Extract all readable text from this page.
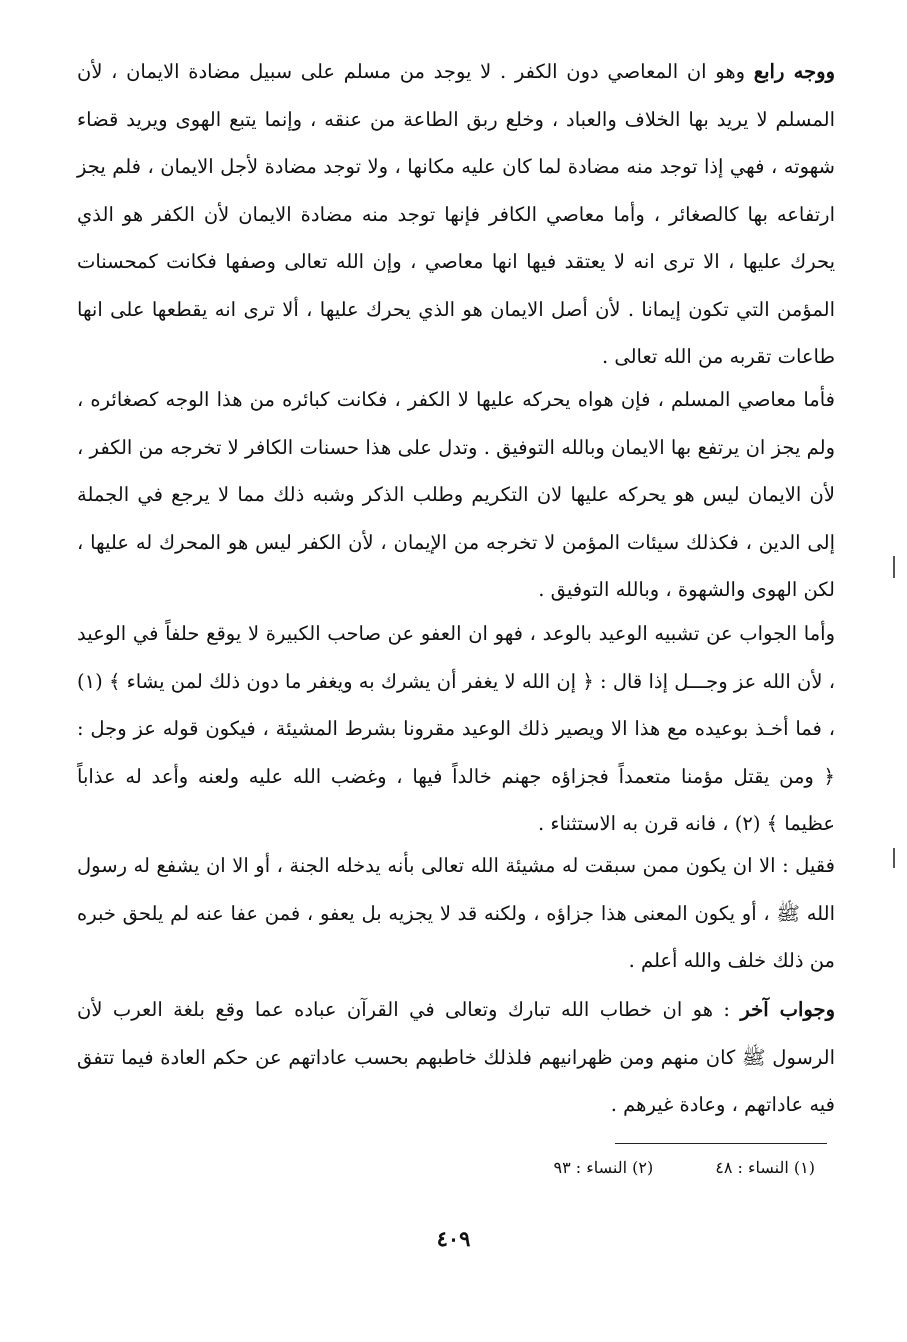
ووجه رابع وهو ان المعاصي دون الكفر . لا يوجد من مسلم على سبيل مضادة الايمان ، لأن المسلم لا يريد بها الخلاف والعباد ، وخلع ربق الطاعة من عنقه ، وإنما يتبع الهوى ويريد قضاء شهوته ، فهي إذا توجد منه مضادة لما كان عليه مكانها ، ولا توجد مضادة لأجل الايمان ، فلم يجز ارتفاعه بها كالصغائر ، وأما معاصي الكافر فإنها توجد منه مضادة الايمان لأن الكفر هو الذي يحرك عليها ، الا ترى انه لا يعتقد فيها انها معاصي ، وإن الله تعالى وصفها فكانت كمحسنات المؤمن التي تكون إيمانا . لأن أصل الايمان هو الذي يحرك عليها ، ألا ترى انه يقطعها على انها طاعات تقربه من الله تعالى .

فأما معاصي المسلم ، فإن هواه يحركه عليها لا الكفر ، فكانت كبائره من هذا الوجه كصغائره ، ولم يجز ان يرتفع بها الايمان وبالله التوفيق . وتدل على هذا حسنات الكافر لا تخرجه من الكفر ، لأن الايمان ليس هو يحركه عليها لان التكريم وطلب الذكر وشبه ذلك مما لا يرجع في الجملة إلى الدين ، فكذلك سيئات المؤمن لا تخرجه من الإيمان ، لأن الكفر ليس هو المحرك له عليها ، لكن الهوى والشهوة ، وبالله التوفيق .

وأما الجواب عن تشبيه الوعيد بالوعد ، فهو ان العفو عن صاحب الكبيرة لا يوقع حلفاً في الوعيد ، لأن الله عز وجـــل إذا قال : ﴿ إن الله لا يغفر أن يشرك به ويغفر ما دون ذلك لمن يشاء ﴾ (١) ، فما أخـذ بوعيده مع هذا الا ويصير ذلك الوعيد مقرونا بشرط المشيئة ، فيكون قوله عز وجل : ﴿ ومن يقتل مؤمنا متعمداً فجزاؤه جهنم خالداً فيها ، وغضب الله عليه ولعنه وأعد له عذاباً عظيما ﴾ (٢) ، فانه قرن به الاستثناء .

فقيل : الا ان يكون ممن سبقت له مشيئة الله تعالى بأنه يدخله الجنة ، أو الا ان يشفع له رسول الله ﷺ ، أو يكون المعنى هذا جزاؤه ، ولكنه قد لا يجزيه بل يعفو ، فمن عفا عنه لم يلحق خبره من ذلك خلف والله أعلم .

وجواب آخر : هو ان خطاب الله تبارك وتعالى في القرآن عباده عما وقع بلغة العرب لأن الرسول ﷺ كان منهم ومن ظهرانيهم فلذلك خاطبهم بحسب عاداتهم عن حكم العادة فيما تتفق فيه عاداتهم ، وعادة غيرهم .

(١) النساء : ٤٨
(٢) النساء : ٩٣
٤٠٩
